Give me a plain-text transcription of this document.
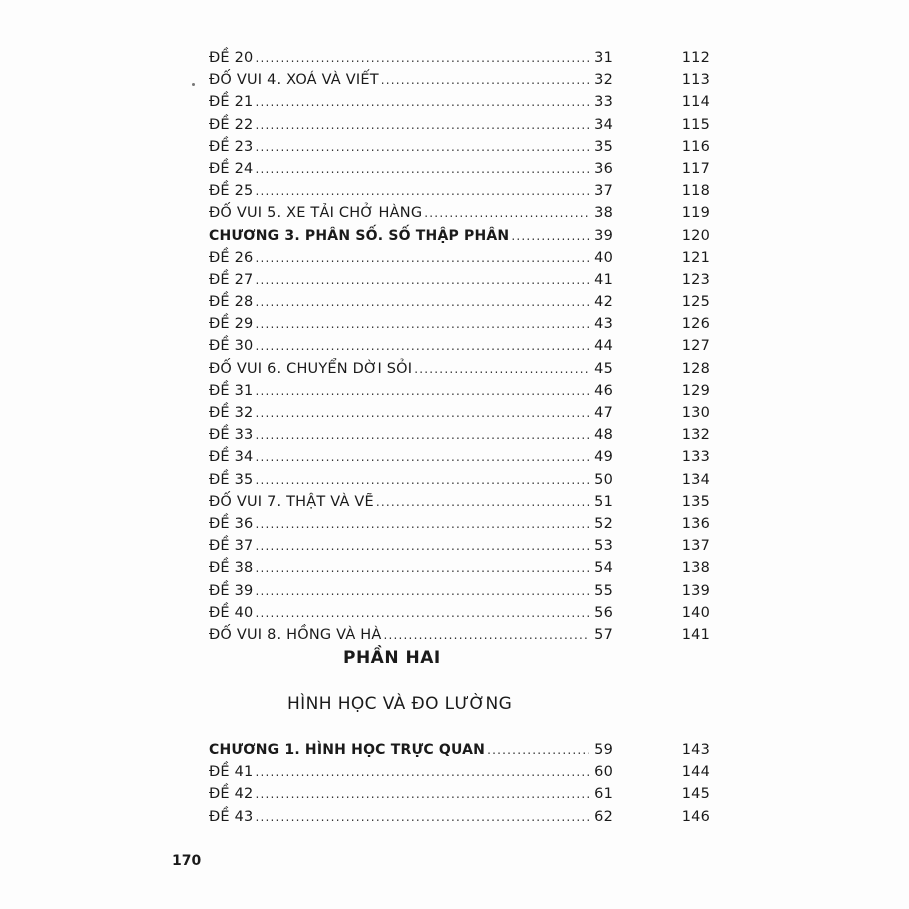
ĐỀ 20 .....	31	112
ĐỐ VUI 4. XOÁ VÀ VIẾT .....	32	113
ĐỀ 21 .....	33	114
ĐỀ 22 .....	34	115
ĐỀ 23 .....	35	116
ĐỀ 24 .....	36	117
ĐỀ 25 .....	37	118
ĐỐ VUI 5. XE TẢI CHỞ HÀNG .....	38	119
CHƯƠNG 3. PHÂN SỐ. SỐ THẬP PHÂN .....	39	120
ĐỀ 26 .....	40	121
ĐỀ 27 .....	41	123
ĐỀ 28 .....	42	125
ĐỀ 29 .....	43	126
ĐỀ 30 .....	44	127
ĐỐ VUI 6. CHUYỂN DỜI SỎI .....	45	128
ĐỀ 31 .....	46	129
ĐỀ 32 .....	47	130
ĐỀ 33 .....	48	132
ĐỀ 34 .....	49	133
ĐỀ 35 .....	50	134
ĐỐ VUI 7. THẬT VÀ VẼ .....	51	135
ĐỀ 36 .....	52	136
ĐỀ 37 .....	53	137
ĐỀ 38 .....	54	138
ĐỀ 39 .....	55	139
ĐỀ 40 .....	56	140
ĐỐ VUI 8. HỒNG VÀ HÀ .....	57	141
PHẦN HAI
HÌNH HỌC VÀ ĐO LƯỜNG
CHƯƠNG 1. HÌNH HỌC TRỰC QUAN .....	59	143
ĐỀ 41 .....	60	144
ĐỀ 42 .....	61	145
ĐỀ 43 .....	62	146
170
